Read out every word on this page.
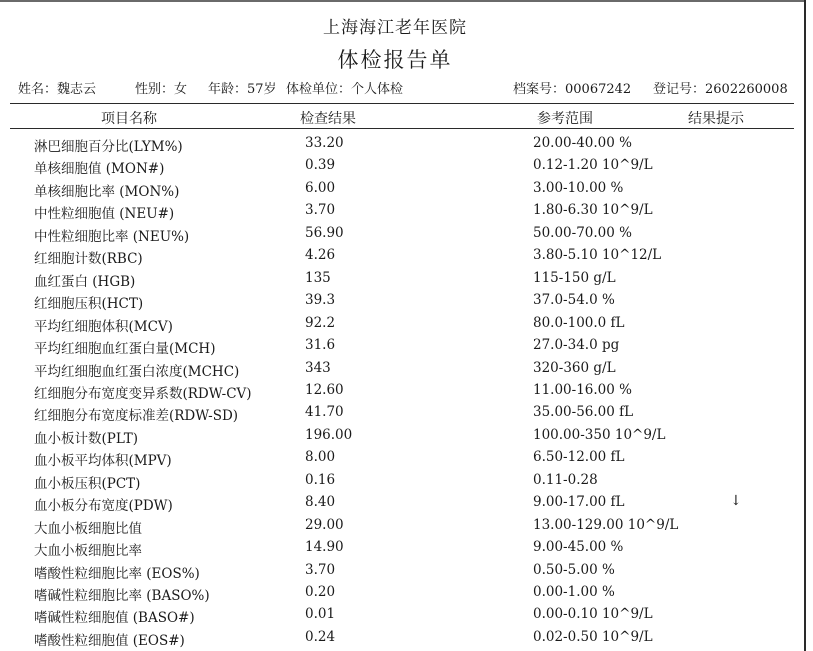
上海海江老年医院
体检报告单
姓名：魏志云	性别：女 年龄：57岁 体检单位：个人体检	档案号：00067242 登记号：2602260008
项目名称	检查结果	参考范围	结果提示
淋巴细胞百分比(LYM%)	33.20	20.00-40.00 %
单核细胞值 (MON#)	0.39	0.12-1.20 10^9/L
单核细胞比率 (MON%)	6.00	3.00-10.00 %
中性粒细胞值 (NEU#)	3.70	1.80-6.30 10^9/L
中性粒细胞比率 (NEU%)	56.90	50.00-70.00 %
红细胞计数(RBC)	4.26	3.80-5.10 10^12/L
血红蛋白 (HGB)	135	115-150 g/L
红细胞压积(HCT)	39.3	37.0-54.0 %
平均红细胞体积(MCV)	92.2	80.0-100.0 fL
平均红细胞血红蛋白量(MCH)	31.6	27.0-34.0 pg
平均红细胞血红蛋白浓度(MCHC)	343	320-360 g/L
红细胞分布宽度变异系数(RDW-CV)	12.60	11.00-16.00 %
红细胞分布宽度标准差(RDW-SD)	41.70	35.00-56.00 fL
血小板计数(PLT)	196.00	100.00-350 10^9/L
血小板平均体积(MPV)	8.00	6.50-12.00 fL
血小板压积(PCT)	0.16	0.11-0.28
血小板分布宽度(PDW)	8.40	9.00-17.00 fL	↓
大血小板细胞比值	29.00	13.00-129.00 10^9/L
大血小板细胞比率	14.90	9.00-45.00 %
嗜酸性粒细胞比率 (EOS%)	3.70	0.50-5.00 %
嗜碱性粒细胞比率 (BASO%)	0.20	0.00-1.00 %
嗜碱性粒细胞值 (BASO#)	0.01	0.00-0.10 10^9/L
嗜酸性粒细胞值 (EOS#)	0.24	0.02-0.50 10^9/L
